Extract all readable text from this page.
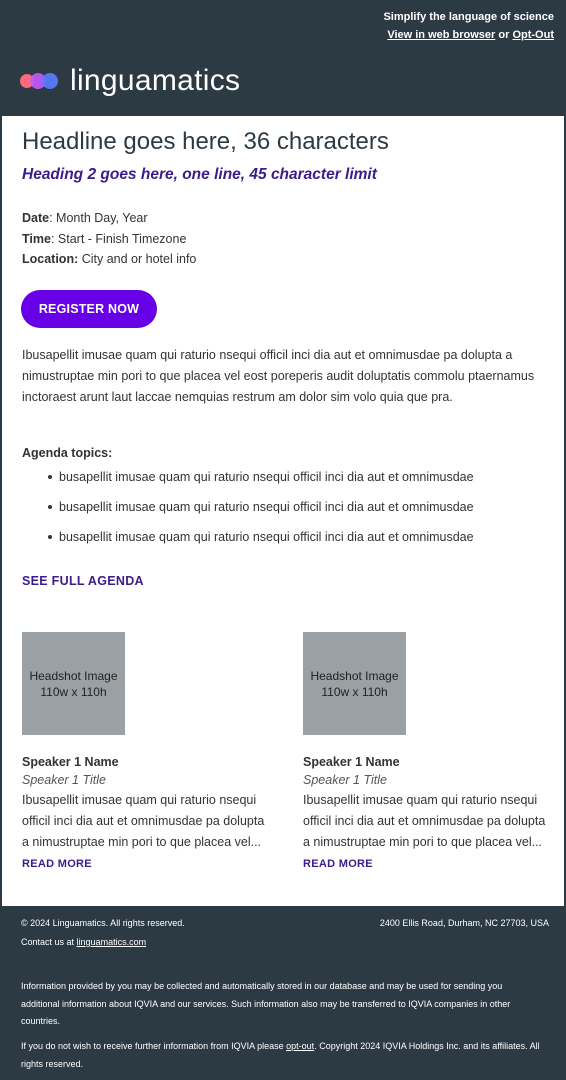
Simplify the language of science
View in web browser or Opt-Out
linguamatics
Headline goes here, 36 characters
Heading 2 goes here, one line, 45 character limit
Date: Month Day, Year
Time: Start - Finish Timezone
Location: City and or hotel info
REGISTER NOW
Ibusapellit imusae quam qui raturio nsequi officil inci dia aut et omnimusdae pa dolupta a nimustruptae min pori to que placea vel eost poreperis audit doluptatis commolu ptaernamus inctoraest arunt laut laccae nemquias restrum am dolor sim volo quia que pra.
Agenda topics:
busapellit imusae quam qui raturio nsequi officil inci dia aut et omnimusdae
busapellit imusae quam qui raturio nsequi officil inci dia aut et omnimusdae
busapellit imusae quam qui raturio nsequi officil inci dia aut et omnimusdae
SEE FULL AGENDA
Headshot Image
110w x 110h
Speaker 1 Name
Speaker 1 Title
Ibusapellit imusae quam qui raturio nsequi officil inci dia aut et omnimusdae pa dolupta a nimustruptae min pori to que placea vel... READ MORE
Headshot Image
110w x 110h
Speaker 1 Name
Speaker 1 Title
Ibusapellit imusae quam qui raturio nsequi officil inci dia aut et omnimusdae pa dolupta a nimustruptae min pori to que placea vel... READ MORE
© 2024 Linguamatics. All rights reserved.	2400 Ellis Road, Durham, NC 27703, USA
Contact us at linguamatics.com
Information provided by you may be collected and automatically stored in our database and may be used for sending you additional information about IQVIA and our services. Such information also may be transferred to IQVIA companies in other countries.
If you do not wish to receive further information from IQVIA please opt-out. Copyright 2024 IQVIA Holdings Inc. and its affiliates. All rights reserved.
